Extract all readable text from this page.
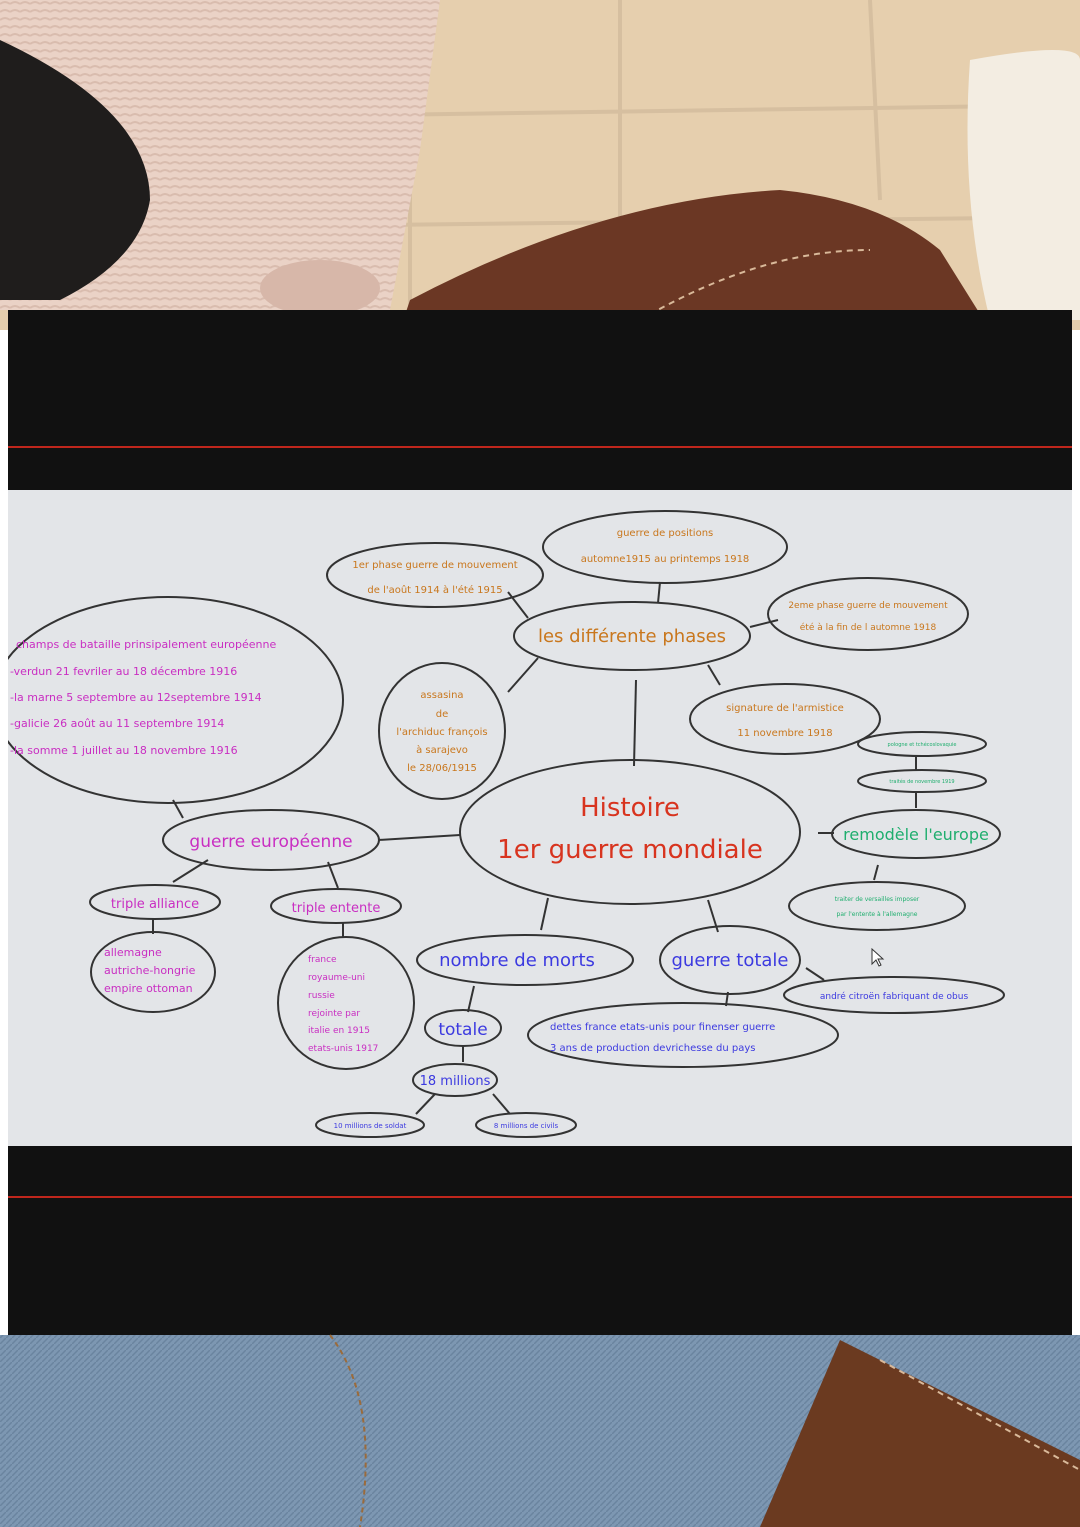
Histoire
1er guerre mondiale
les différente phases
guerre de positions
automne1915 au printemps 1918
1er phase guerre de mouvement
de l'août 1914 à l'été 1915
2eme phase guerre de mouvement
été à la fin de l automne 1918
signature de l'armistice
11 novembre 1918
assasina
de
l'archiduc françois
à sarajevo
le 28/06/1915
champs de bataille prinsipalement européenne
-verdun 21 fevriler au 18 décembre 1916
-la marne 5 septembre au 12septembre 1914
-galicie 26 août au 11 septembre 1914
-la somme 1 juillet au 18 novembre 1916
guerre européenne
triple alliance
allemagne
autriche-hongrie
empire ottoman
triple entente
france
royaume-uni
russie
rejointe par
italie en 1915
etats-unis 1917
nombre de morts
totale
18 millions
10 millions de soldat	8 millions de civils
guerre totale
andré citroën fabriquant de obus
dettes france etats-unis pour finenser guerre
3 ans de production devrichesse du pays
pologne et tchécoslovaquie
traités de novembre 1919
remodèle l'europe
traiter de versailles imposer
par l'entente à l'allemagne
